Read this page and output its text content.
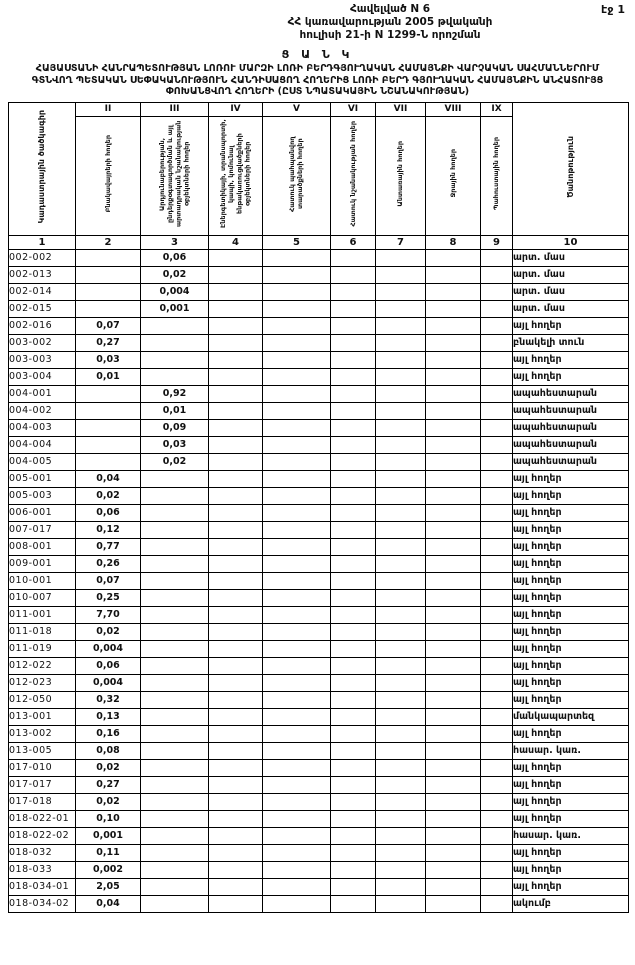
էջ 1
Հավելված N 6
ՀՀ կառավարության 2005 թվականի
հուլիսի 21-ի N 1299-Ն որոշման
Ց Ա Ն Կ
ՀԱՅԱՍՏԱՆԻ ՀԱՆՐԱՊԵՏՈՒԹՅԱՆ ԼՈՌՈՒ ՄԱՐԶԻ ԼՈՌԻ ԲԵՐԴԳՅՈՒՂԱԿԱՆ ՀԱՄԱՅՆՔԻ ՎԱՐՉԱԿԱՆ ՍԱՀՄԱՆՆԵՐՈՒՄ ԳՏՆՎՈՂ ՊԵՏԱԿԱՆ ՍԵՓԱԿԱՆՈՒԹՅՈՒՆ ՀԱՆԴԻՍԱՑՈՂ ՀՈՂԵՐԻՑ ԼՈՌԻ ԲԵՐԴ ԳՅՈՒՂԱԿԱՆ ՀԱՄԱՅՆՔԻՆ ԱՆՀԱՏՈՒՅՑ ՓՈԽԱՆՑՎՈՂ ՀՈՂԵՐԻ (ԸՍՏ ՆՊԱՏԱԿԱՅԻՆ ՆՇԱՆԱԿՈՒԹՅԱՆ)
Կադաստրային ծածկագիր	II	III	IV	V	VI	VII	VIII	IX	Ծանոթություն
	Բնակավայրերի հողեր	Արդյունաբերության, ընդերքօգտագործման և այլ արտադրական նշանակության օբյեկտների հողեր	Էներգետիկայի, տրանսպորտի, կապի, կոմունալ ենթակառուցվածքների օբյեկտների հողեր	Հատուկ պահպանվող տարածքների հողեր	Հատուկ նշանակության հողեր	Անտառային հողեր	Ջրային հողեր	Պահուստային հողեր	
1	2	3	4	5	6	7	8	9	10
002-002		0,06							արտ. մաս
002-013		0,02							արտ. մաս
002-014		0,004							արտ. մաս
002-015		0,001							արտ. մաս
002-016	0,07								այլ հողեր
003-002	0,27								բնակելի տուն
003-003	0,03								այլ հողեր
003-004	0,01								այլ հողեր
004-001		0,92							ապահեստարան
004-002		0,01							ապահեստարան
004-003		0,09							ապահեստարան
004-004		0,03							ապահեստարան
004-005		0,02							ապահեստարան
005-001	0,04								այլ հողեր
005-003	0,02								այլ հողեր
006-001	0,06								այլ հողեր
007-017	0,12								այլ հողեր
008-001	0,77								այլ հողեր
009-001	0,26								այլ հողեր
010-001	0,07								այլ հողեր
010-007	0,25								այլ հողեր
011-001	7,70								այլ հողեր
011-018	0,02								այլ հողեր
011-019	0,004								այլ հողեր
012-022	0,06								այլ հողեր
012-023	0,004								այլ հողեր
012-050	0,32								այլ հողեր
013-001	0,13								մանկապարտեզ
013-002	0,16								այլ հողեր
013-005	0,08								հասար. կառ.
017-010	0,02								այլ հողեր
017-017	0,27								այլ հողեր
017-018	0,02								այլ հողեր
018-022-01	0,10								այլ հողեր
018-022-02	0,001								հասար. կառ.
018-032	0,11								այլ հողեր
018-033	0,002								այլ հողեր
018-034-01	2,05								այլ հողեր
018-034-02	0,04								ակումբ
